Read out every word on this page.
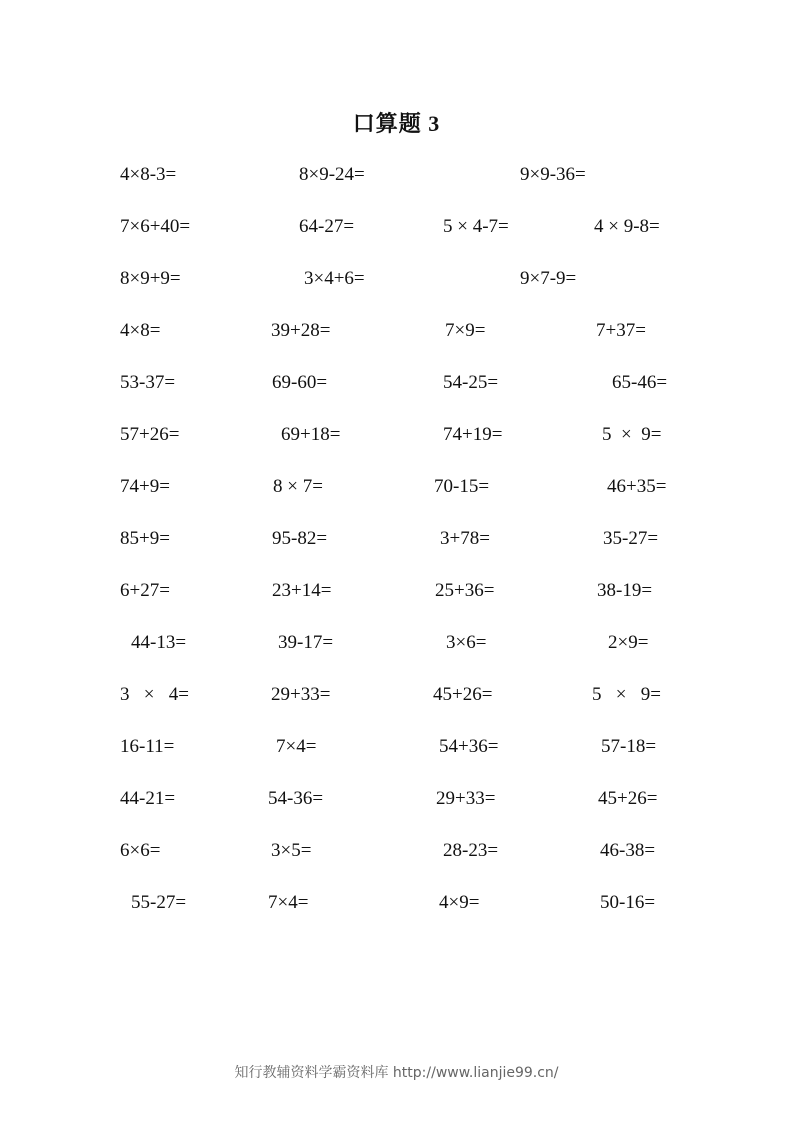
口算题 3
4×8-3=	8×9-24=	9×9-36=
7×6+40=	64-27=	5 × 4-7=	4 × 9-8=
8×9+9=	3×4+6=	9×7-9=
4×8=	39+28=	7×9=	7+37=
53-37=	69-60=	54-25=	65-46=
57+26=	69+18=	74+19=	5  ×  9=
74+9=	8 × 7=	70-15=	46+35=
85+9=	95-82=	3+78=	35-27=
6+27=	23+14=	25+36=	38-19=
44-13=	39-17=	3×6=	2×9=
3   ×   4=	29+33=	45+26=	5   ×   9=
16-11=	7×4=	54+36=	57-18=
44-21=	54-36=	29+33=	45+26=
6×6=	3×5=	28-23=	46-38=
55-27=	7×4=	4×9=	50-16=
知行教辅资料学霸资料库 http://www.lianjie99.cn/
